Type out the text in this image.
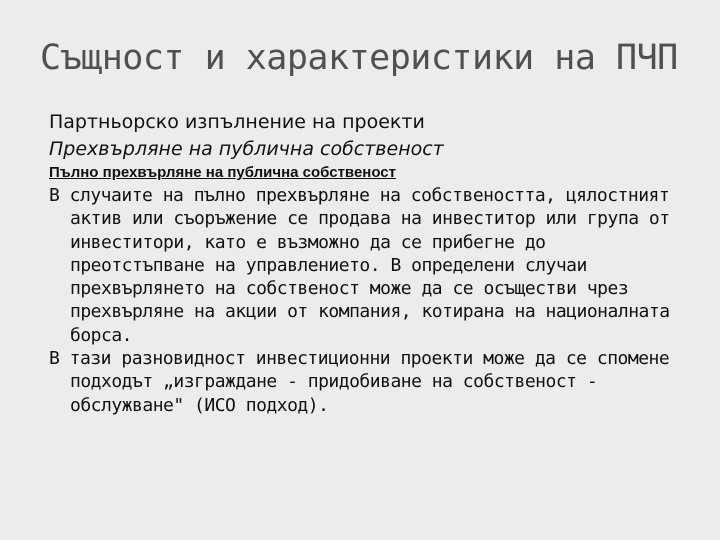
Същност и характеристики на ПЧП

Партньорско изпълнение на проекти

Прехвърляне на публична собственост

Пълно прехвърляне на публична собственост

В случаите на пълно прехвърляне на собствеността, цялостният актив или съоръжение се продава на инвеститор или група от инвеститори, като е възможно да се прибегне до преотстъпване на управлението. В определени случаи прехвърлянето на собственост може да се осъществи чрез прехвърляне на акции от компания, котирана на националната борса.

В тази разновидност инвестиционни проекти може да се спомене подходът „изграждане - придобиване на собственост - обслужване" (ИСО подход).
